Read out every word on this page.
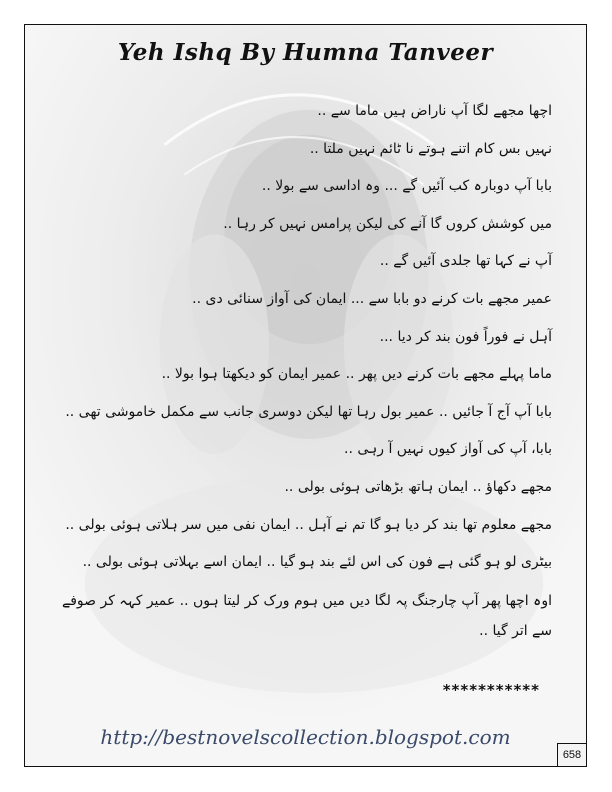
Yeh Ishq By Humna Tanveer
اچھا مجھے لگا آپ ناراض ہیں ماما سے ..
نہیں بس کام اتنے ہوتے نا ٹائم نہیں ملتا ..
بابا آپ دوبارہ کب آئیں گے ... وہ اداسی سے بولا ..
میں کوشش کروں گا آنے کی لیکن پرامس نہیں کر رہا ..
آپ نے کہا تھا جلدی آئیں گے ..
عمیر مجھے بات کرنے دو بابا سے ... ایمان کی آواز سنائی دی ..
آہل نے فوراً فون بند کر دیا ...
ماما پہلے مجھے بات کرنے دیں پھر .. عمیر ایمان کو دیکھتا ہوا بولا ..
بابا آپ آج آ جائیں .. عمیر بول رہا تھا لیکن دوسری جانب سے مکمل خاموشی تھی ..
بابا، آپ کی آواز کیوں نہیں آ رہی ..
مجھے دکھاؤ .. ایمان ہاتھ بڑھاتی ہوئی بولی ..
مجھے معلوم تھا بند کر دیا ہو گا تم نے آہل .. ایمان نفی میں سر ہلاتی ہوئی بولی ..
بیٹری لو ہو گئی ہے فون کی اس لئے بند ہو گیا .. ایمان اسے بہلاتی ہوئی بولی ..
اوہ اچھا پھر آپ چارجنگ پہ لگا دیں میں ہوم ورک کر لیتا ہوں .. عمیر کہہ کر صوفے سے اتر گیا ..
***********
http://bestnovelscollection.blogspot.com
658
